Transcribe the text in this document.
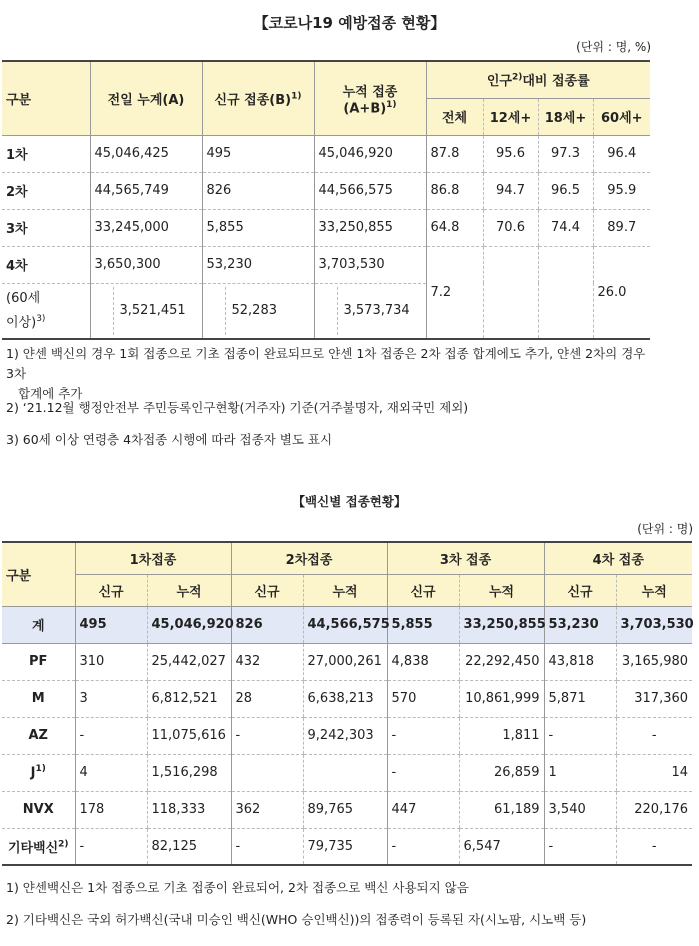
【코로나19 예방접종 현황】
(단위 : 명, %)
구분	전일 누계(A)	신규 접종$(B)^{1)}$	누적 접종
$(A+B)^{1)}$	인구$^{2)}$대비 접종률			
				전체	12세+	18세+	60세+
1차	45,046,425	495	45,046,920	87.8	95.6	97.3	96.4
2차	44,565,749	826	44,566,575	86.8	94.7	96.5	95.9
3차	33,245,000	5,855	33,250,855	64.8	70.6	74.4	89.7
4차	3,650,300	53,230	3,703,530	7.2			26.0
(60세
이상)$^{3)}$	3,521,451	52,283	3,573,734				
1) 얀센 백신의 경우 1회 접종으로 기초 접종이 완료되므로 얀센 1차 접종은 2차 접종 합계에도 추가, 얀센 2차의 경우 3차
합계에 추가
2) ‘21.12월 행정안전부 주민등록인구현황(거주자) 기준(거주불명자, 재외국민 제외)
3) 60세 이상 연령층 4차접종 시행에 따라 접종자 별도 표시
【백신별 접종현황】
(단위 : 명)
구분	1차접종		2차접종		3차 접종		4차 접종	
	신규	누적	신규	누적	신규	누적	신규	누적
계	495	45,046,920	826	44,566,575	5,855	33,250,855	53,230	3,703,530
PF	310	25,442,027	432	27,000,261	4,838	22,292,450	43,818	3,165,980
M	3	6,812,521	28	6,638,213	570	10,861,999	5,871	317,360
AZ	-	11,075,616	-	9,242,303	-	1,811	-	-
$J^{1)}$	4	1,516,298			-	26,859	1	14
NVX	178	118,333	362	89,765	447	61,189	3,540	220,176
기타백신$^{2)}$	-	82,125	-	79,735	-	6,547	-	-
1) 얀센백신은 1차 접종으로 기초 접종이 완료되어, 2차 접종으로 백신 사용되지 않음
2) 기타백신은 국외 허가백신(국내 미승인 백신(WHO 승인백신))의 접종력이 등록된 자(시노팜, 시노백 등)
